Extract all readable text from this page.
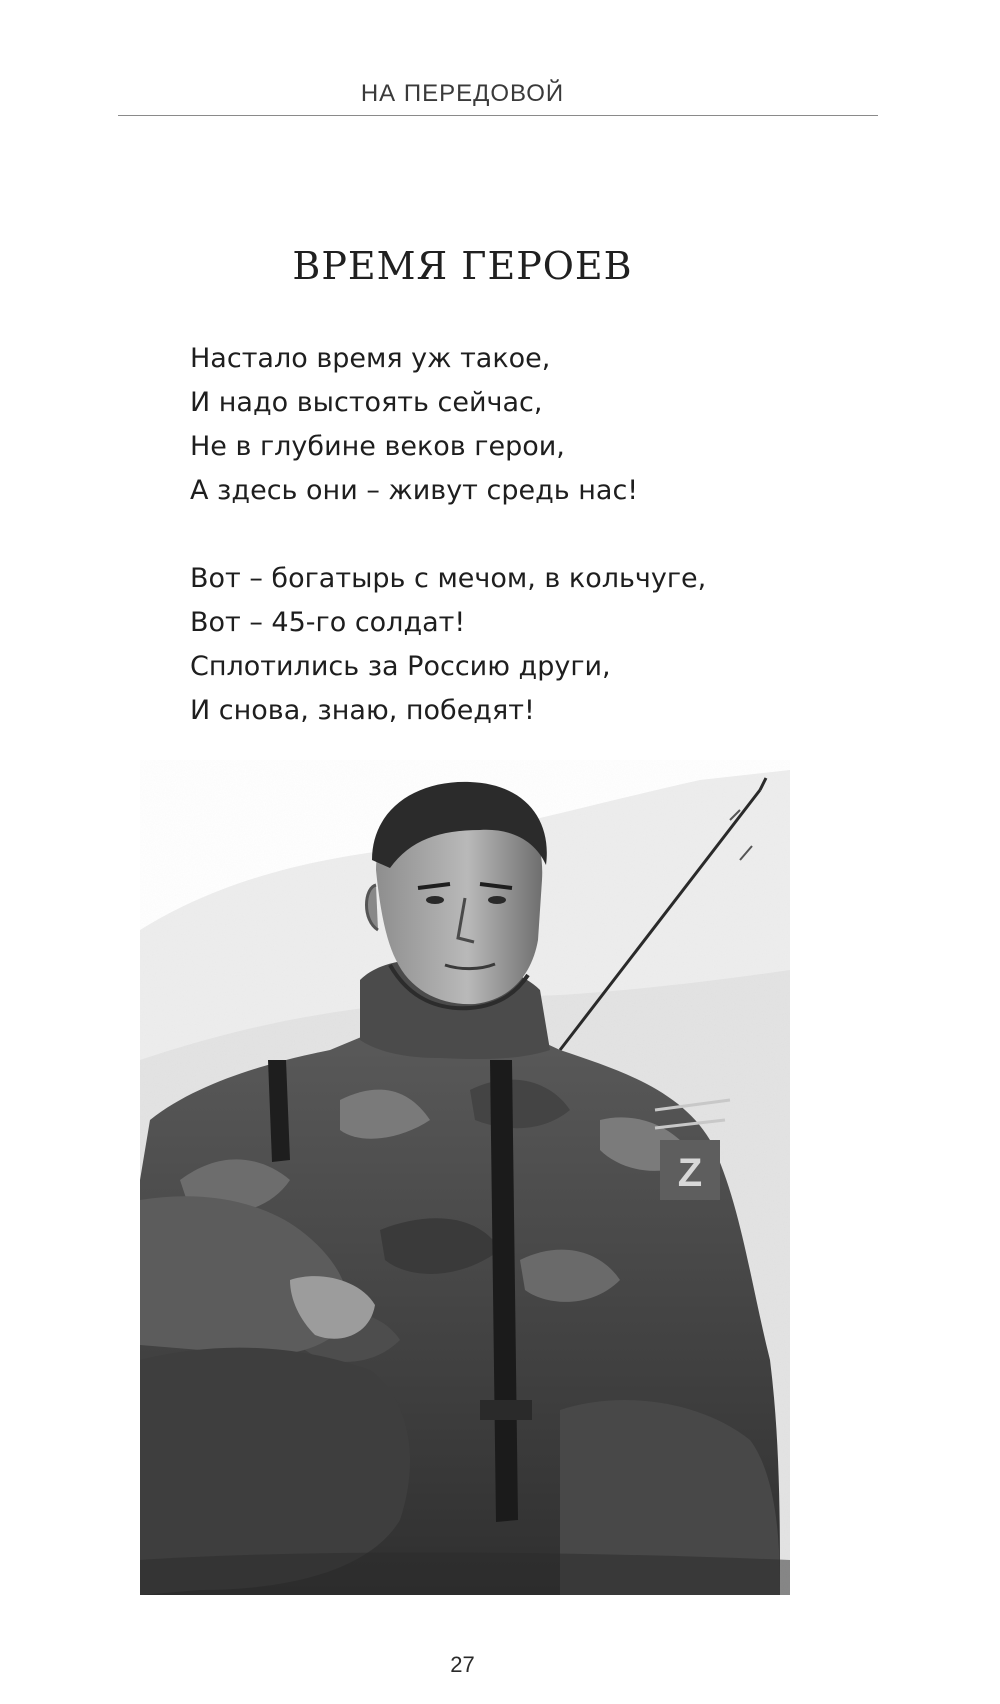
НА ПЕРЕДОВОЙ
ВРЕМЯ ГЕРОЕВ
Настало время уж такое,
И надо выстоять сейчас,
Не в глубине веков герои,
А здесь они – живут средь нас!
Вот – богатырь с мечом, в кольчуге,
Вот – 45-го солдат!
Сплотились за Россию други,
И снова, знаю, победят!
Z
27
